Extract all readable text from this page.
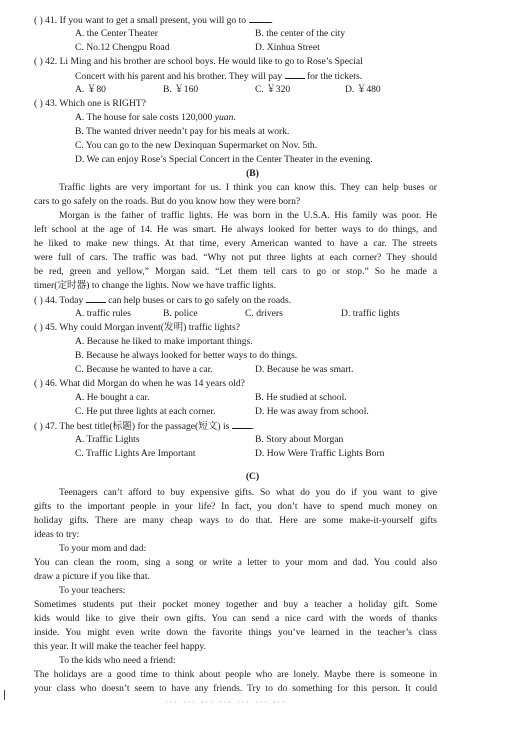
( ) 41. If you want to get a small present, you will go to	.
A. the Center Theater	B. the center of the city
C. No.12 Chengpu Road	D. Xinhua Street
( ) 42. Li Ming and his brother are school boys. He would like to go to Rose’s Special
Concert with his parent and his brother. They will pay	for the tickets.
A. ￥80	B. ￥160	C. ￥320	D. ￥480
( ) 43. Which one is RIGHT?
A. The house for sale costs 120,000 yuan.
B. The wanted driver needn’t pay for his meals at work.
C. You can go to the new Dexinquan Supermarket on Nov. 5th.
D. We can enjoy Rose’s Special Concert in the Center Theater in the evening.
(B)
Traffic lights are very important for us. I think you can know this. They can help buses or
cars to go safely on the roads. But do you know how they were born?
Morgan is the father of traffic lights. He was born in the U.S.A. His family was poor. He
left school at the age of 14. He was smart. He always looked for better ways to do things, and
he liked to make new things. At that time, every American wanted to have a car. The streets
were full of cars. The traffic was bad. “Why not put three lights at each corner? They should
be red, green and yellow,” Morgan said. “Let them tell cars to go or stop.” So he made a
timer(定时器) to change the lights. Now we have traffic lights.
( ) 44. Today	can help buses or cars to go safely on the roads.
A. traffic rules	B. police	C. drivers	D. traffic lights
( ) 45. Why could Morgan invent(发明) traffic lights?
A. Because he liked to make important things.
B. Because he always looked for better ways to do things.
C. Because he wanted to have a car.	D. Because he was smart.
( ) 46. What did Morgan do when he was 14 years old?
A. He bought a car.	B. He studied at school.
C. He put three lights at each corner.	D. He was away from school.
( ) 47. The best title(标题) for the passage(短文) is .
A. Traffic Lights	B. Story about Morgan
C. Traffic Lights Are Important	D. How Were Traffic Lights Born
(C)
Teenagers can’t afford to buy expensive gifts. So what do you do if you want to give
gifts to the important people in your life? In fact, you don’t have to spend much money on
holiday gifts. There are many cheap ways to do that. Here are some make-it-yourself gifts
ideas to try:
To your mom and dad:
You can clean the room, sing a song or write a letter to your mom and dad. You could also
draw a picture if you like that.
To your teachers:
Sometimes students put their pocket money together and buy a teacher a holiday gift. Some
kids would like to give their own gifts. You can send a nice card with the words of thanks
inside. You might even write down the favorite things you’ve learned in the teacher’s class
this year. It will make the teacher feel happy.
To the kids who need a friend:
The holidays are a good time to think about people who are lonely. Maybe there is someone in
your class who doesn’t seem to have any friends. Try to do something for this person. It could
··· ··· ··· ··· ··· ··· ···
